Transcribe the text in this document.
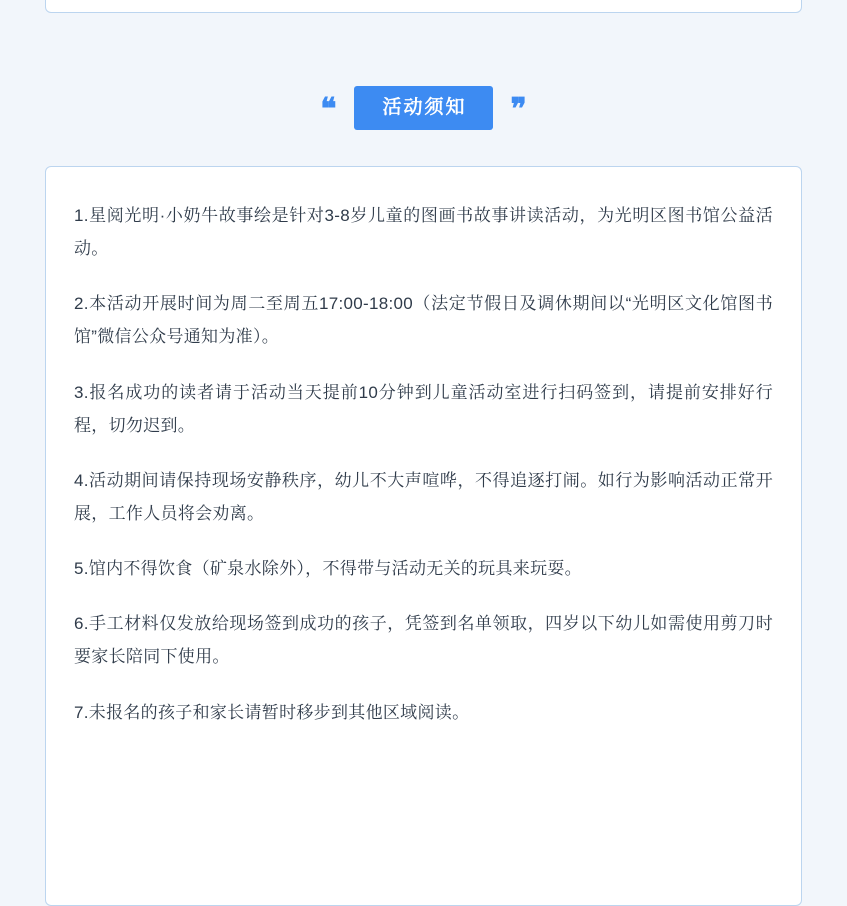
❝	活动须知	❞

1.星阅光明·小奶牛故事绘是针对3-8岁儿童的图画书故事讲读活动，为光明区图书馆公益活动。

2.本活动开展时间为周二至周五17:00-18:00（法定节假日及调休期间以“光明区文化馆图书馆”微信公众号通知为准）。

3.报名成功的读者请于活动当天提前10分钟到儿童活动室进行扫码签到，请提前安排好行程，切勿迟到。

4.活动期间请保持现场安静秩序，幼儿不大声喧哗，不得追逐打闹。如行为影响活动正常开展，工作人员将会劝离。

5.馆内不得饮食（矿泉水除外），不得带与活动无关的玩具来玩耍。

6.手工材料仅发放给现场签到成功的孩子，凭签到名单领取，四岁以下幼儿如需使用剪刀时要家长陪同下使用。

7.未报名的孩子和家长请暂时移步到其他区域阅读。
